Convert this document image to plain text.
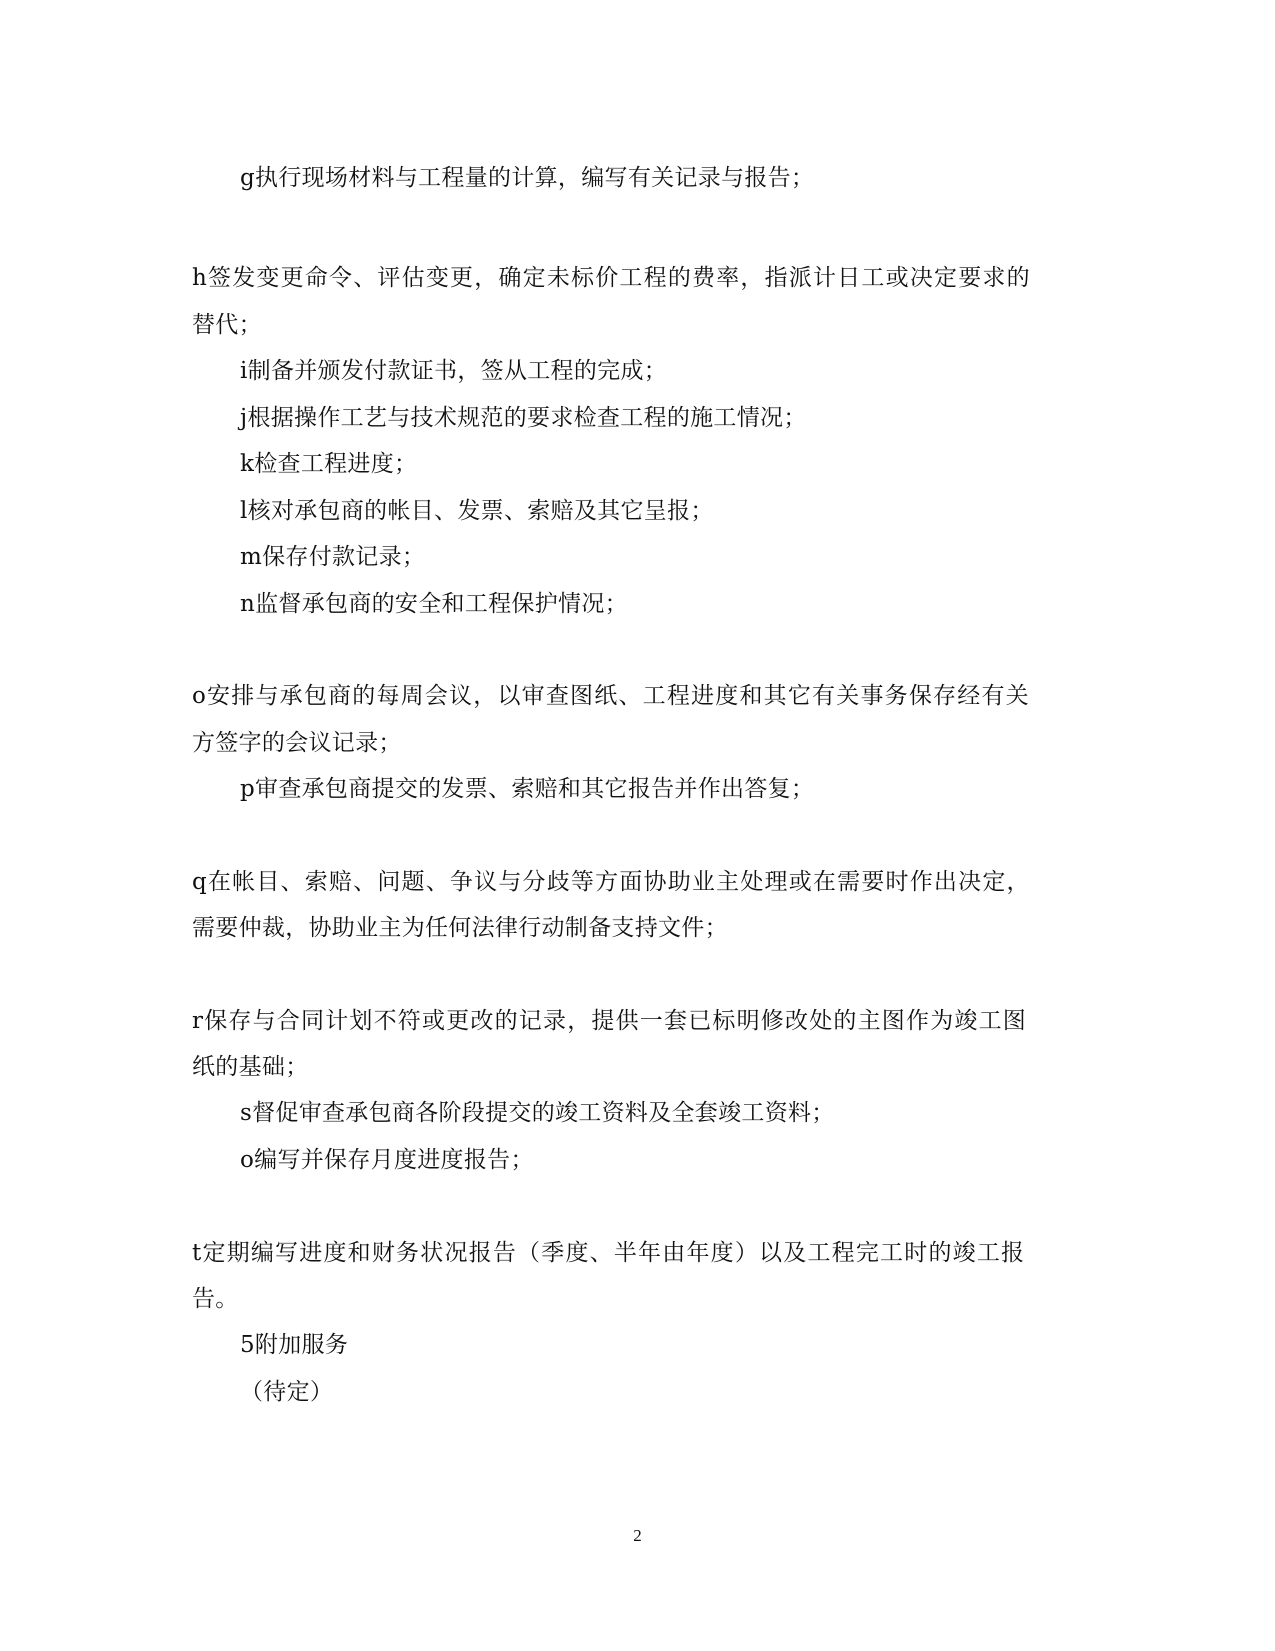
g执行现场材料与工程量的计算，编写有关记录与报告；
h签发变更命令、评估变更，确定未标价工程的费率，指派计日工或决定要求的
替代；
i制备并颁发付款证书，签从工程的完成；
j根据操作工艺与技术规范的要求检查工程的施工情况；
k检查工程进度；
l核对承包商的帐目、发票、索赔及其它呈报；
m保存付款记录；
n监督承包商的安全和工程保护情况；
o安排与承包商的每周会议，以审查图纸、工程进度和其它有关事务保存经有关
方签字的会议记录；
p审查承包商提交的发票、索赔和其它报告并作出答复；
q在帐目、索赔、问题、争议与分歧等方面协助业主处理或在需要时作出决定，
需要仲裁，协助业主为任何法律行动制备支持文件；
r保存与合同计划不符或更改的记录，提供一套已标明修改处的主图作为竣工图
纸的基础；
s督促审查承包商各阶段提交的竣工资料及全套竣工资料；
o编写并保存月度进度报告；
t定期编写进度和财务状况报告（季度、半年由年度）以及工程完工时的竣工报
告。
5附加服务
（待定）
2
